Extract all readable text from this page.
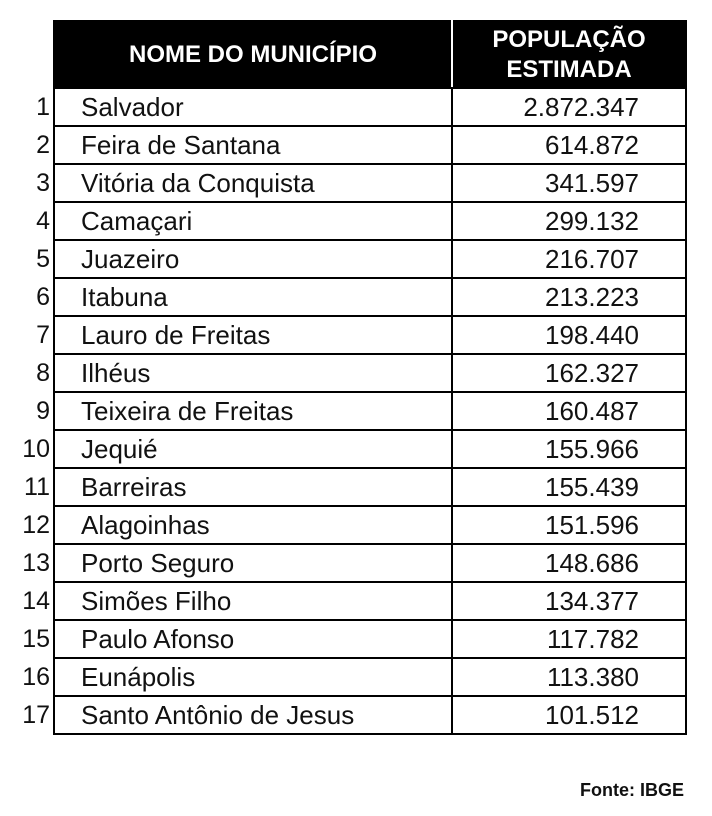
	NOME DO MUNICÍPIO	POPULAÇÃO
ESTIMADA
1	Salvador	2.872.347
2	Feira de Santana	614.872
3	Vitória da Conquista	341.597
4	Camaçari	299.132
5	Juazeiro	216.707
6	Itabuna	213.223
7	Lauro de Freitas	198.440
8	Ilhéus	162.327
9	Teixeira de Freitas	160.487
10	Jequié	155.966
11	Barreiras	155.439
12	Alagoinhas	151.596
13	Porto Seguro	148.686
14	Simões Filho	134.377
15	Paulo Afonso	117.782
16	Eunápolis	113.380
17	Santo Antônio de Jesus	101.512
Fonte: IBGE
